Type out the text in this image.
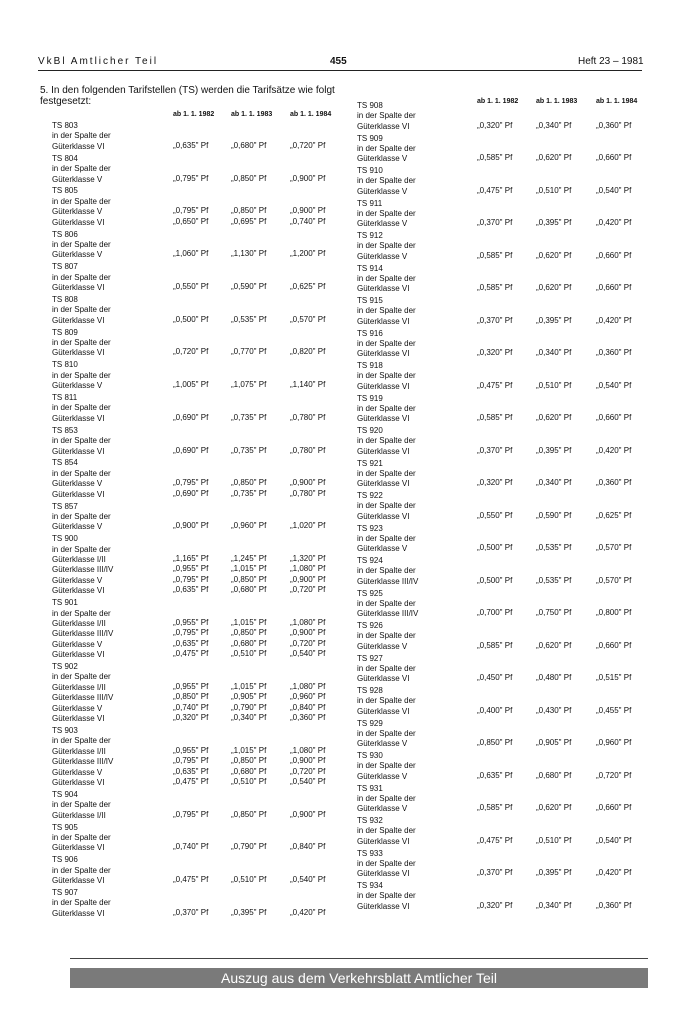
VkBl Amtlicher Teil	455	Heft 23 – 1981
5. In den folgenden Tarifstellen (TS) werden die Tarifsätze wie folgt festgesetzt:
ab 1. 1. 1982 ab 1. 1. 1983	ab 1. 1. 1984
TS 803
in der Spalte der
Güterklasse VI	„0,635" Pf	„0,680" Pf	„0,720" Pf
TS 804
in der Spalte der
Güterklasse V	„0,795" Pf	„0,850" Pf	„0,900" Pf
TS 805
in der Spalte der
Güterklasse V	„0,795" Pf	„0,850" Pf	„0,900" Pf
Güterklasse VI	„0,650" Pf	„0,695" Pf	„0,740" Pf
TS 806
in der Spalte der
Güterklasse V	„1,060" Pf	„1,130" Pf	„1,200" Pf
TS 807
in der Spalte der
Güterklasse VI	„0,550" Pf	„0,590" Pf	„0,625" Pf
TS 808
in der Spalte der
Güterklasse VI	„0,500" Pf	„0,535" Pf	„0,570" Pf
TS 809
in der Spalte der
Güterklasse VI	„0,720" Pf	„0,770" Pf	„0,820" Pf
TS 810
in der Spalte der
Güterklasse V	„1,005" Pf	„1,075" Pf	„1,140" Pf
TS 811
in der Spalte der
Güterklasse VI	„0,690" Pf	„0,735" Pf	„0,780" Pf
TS 853
in der Spalte der
Güterklasse VI	„0,690" Pf	„0,735" Pf	„0,780" Pf
TS 854
in der Spalte der
Güterklasse V	„0,795" Pf	„0,850" Pf	„0,900" Pf
Güterklasse VI	„0,690" Pf	„0,735" Pf	„0,780" Pf
TS 857
in der Spalte der
Güterklasse V	„0,900" Pf	„0,960" Pf	„1,020" Pf
TS 900
in der Spalte der
Güterklasse I/II	„1,165" Pf	„1,245" Pf	„1,320" Pf
Güterklasse III/IV	„0,955" Pf	„1,015" Pf	„1,080" Pf
Güterklasse V	„0,795" Pf	„0,850" Pf	„0,900" Pf
Güterklasse VI	„0,635" Pf	„0,680" Pf	„0,720" Pf
TS 901
in der Spalte der
Güterklasse I/II	„0,955" Pf	„1,015" Pf	„1,080" Pf
Güterklasse III/IV	„0,795" Pf	„0,850" Pf	„0,900" Pf
Güterklasse V	„0,635" Pf	„0,680" Pf	„0,720" Pf
Güterklasse VI	„0,475" Pf	„0,510" Pf	„0,540" Pf
TS 902
in der Spalte der
Güterklasse I/II	„0,955" Pf	„1,015" Pf	„1,080" Pf
Güterklasse III/IV	„0,850" Pf	„0,905" Pf	„0,960" Pf
Güterklasse V	„0,740" Pf	„0,790" Pf	„0,840" Pf
Güterklasse VI	„0,320" Pf	„0,340" Pf	„0,360" Pf
TS 903
in der Spalte der
Güterklasse I/II	„0,955" Pf	„1,015" Pf	„1,080" Pf
Güterklasse III/IV	„0,795" Pf	„0,850" Pf	„0,900" Pf
Güterklasse V	„0,635" Pf	„0,680" Pf	„0,720" Pf
Güterklasse VI	„0,475" Pf	„0,510" Pf	„0,540" Pf
TS 904
in der Spalte der
Güterklasse I/II	„0,795" Pf	„0,850" Pf	„0,900" Pf
TS 905
in der Spalte der
Güterklasse VI	„0,740" Pf	„0,790" Pf	„0,840" Pf
TS 906
in der Spalte der
Güterklasse VI	„0,475" Pf	„0,510" Pf	„0,540" Pf
TS 907
in der Spalte der
Güterklasse VI	„0,370" Pf	„0,395" Pf	„0,420" Pf
ab 1. 1. 1982	ab 1. 1. 1983	ab 1. 1. 1984
TS 908
in der Spalte der
Güterklasse VI	„0,320" Pf	„0,340" Pf	„0,360" Pf
TS 909
in der Spalte der
Güterklasse V	„0,585" Pf	„0,620" Pf	„0,660" Pf
TS 910
in der Spalte der
Güterklasse V	„0,475" Pf	„0,510" Pf	„0,540" Pf
TS 911
in der Spalte der
Güterklasse V	„0,370" Pf	„0,395" Pf	„0,420" Pf
TS 912
in der Spalte der
Güterklasse V	„0,585" Pf	„0,620" Pf	„0,660" Pf
TS 914
in der Spalte der
Güterklasse VI	„0,585" Pf	„0,620" Pf	„0,660" Pf
TS 915
in der Spalte der
Güterklasse VI	„0,370" Pf	„0,395" Pf	„0,420" Pf
TS 916
in der Spalte der
Güterklasse VI	„0,320" Pf	„0,340" Pf	„0,360" Pf
TS 918
in der Spalte der
Güterklasse VI	„0,475" Pf	„0,510" Pf	„0,540" Pf
TS 919
in der Spalte der
Güterklasse VI	„0,585" Pf	„0,620" Pf	„0,660" Pf
TS 920
in der Spalte der
Güterklasse VI	„0,370" Pf	„0,395" Pf	„0,420" Pf
TS 921
in der Spalte der
Güterklasse VI	„0,320" Pf	„0,340" Pf	„0,360" Pf
TS 922
in der Spalte der
Güterklasse VI	„0,550" Pf	„0,590" Pf	„0,625" Pf
TS 923
in der Spalte der
Güterklasse V	„0,500" Pf	„0,535" Pf	„0,570" Pf
TS 924
in der Spalte der
Güterklasse III/IV	„0,500" Pf	„0,535" Pf	„0,570" Pf
TS 925
in der Spalte der
Güterklasse III/IV	„0,700" Pf	„0,750" Pf	„0,800" Pf
TS 926
in der Spalte der
Güterklasse V	„0,585" Pf	„0,620" Pf	„0,660" Pf
TS 927
in der Spalte der
Güterklasse VI	„0,450" Pf	„0,480" Pf	„0,515" Pf
TS 928
in der Spalte der
Güterklasse VI	„0,400" Pf	„0,430" Pf	„0,455" Pf
TS 929
in der Spalte der
Güterklasse V	„0,850" Pf	„0,905" Pf	„0,960" Pf
TS 930
in der Spalte der
Güterklasse V	„0,635" Pf	„0,680" Pf	„0,720" Pf
TS 931
in der Spalte der
Güterklasse V	„0,585" Pf	„0,620" Pf	„0,660" Pf
TS 932
in der Spalte der
Güterklasse VI	„0,475" Pf	„0,510" Pf	„0,540" Pf
TS 933
in der Spalte der
Güterklasse VI	„0,370" Pf	„0,395" Pf	„0,420" Pf
TS 934
in der Spalte der
Güterklasse VI	„0,320" Pf	„0,340" Pf	„0,360" Pf
Auszug aus dem Verkehrsblatt Amtlicher Teil
